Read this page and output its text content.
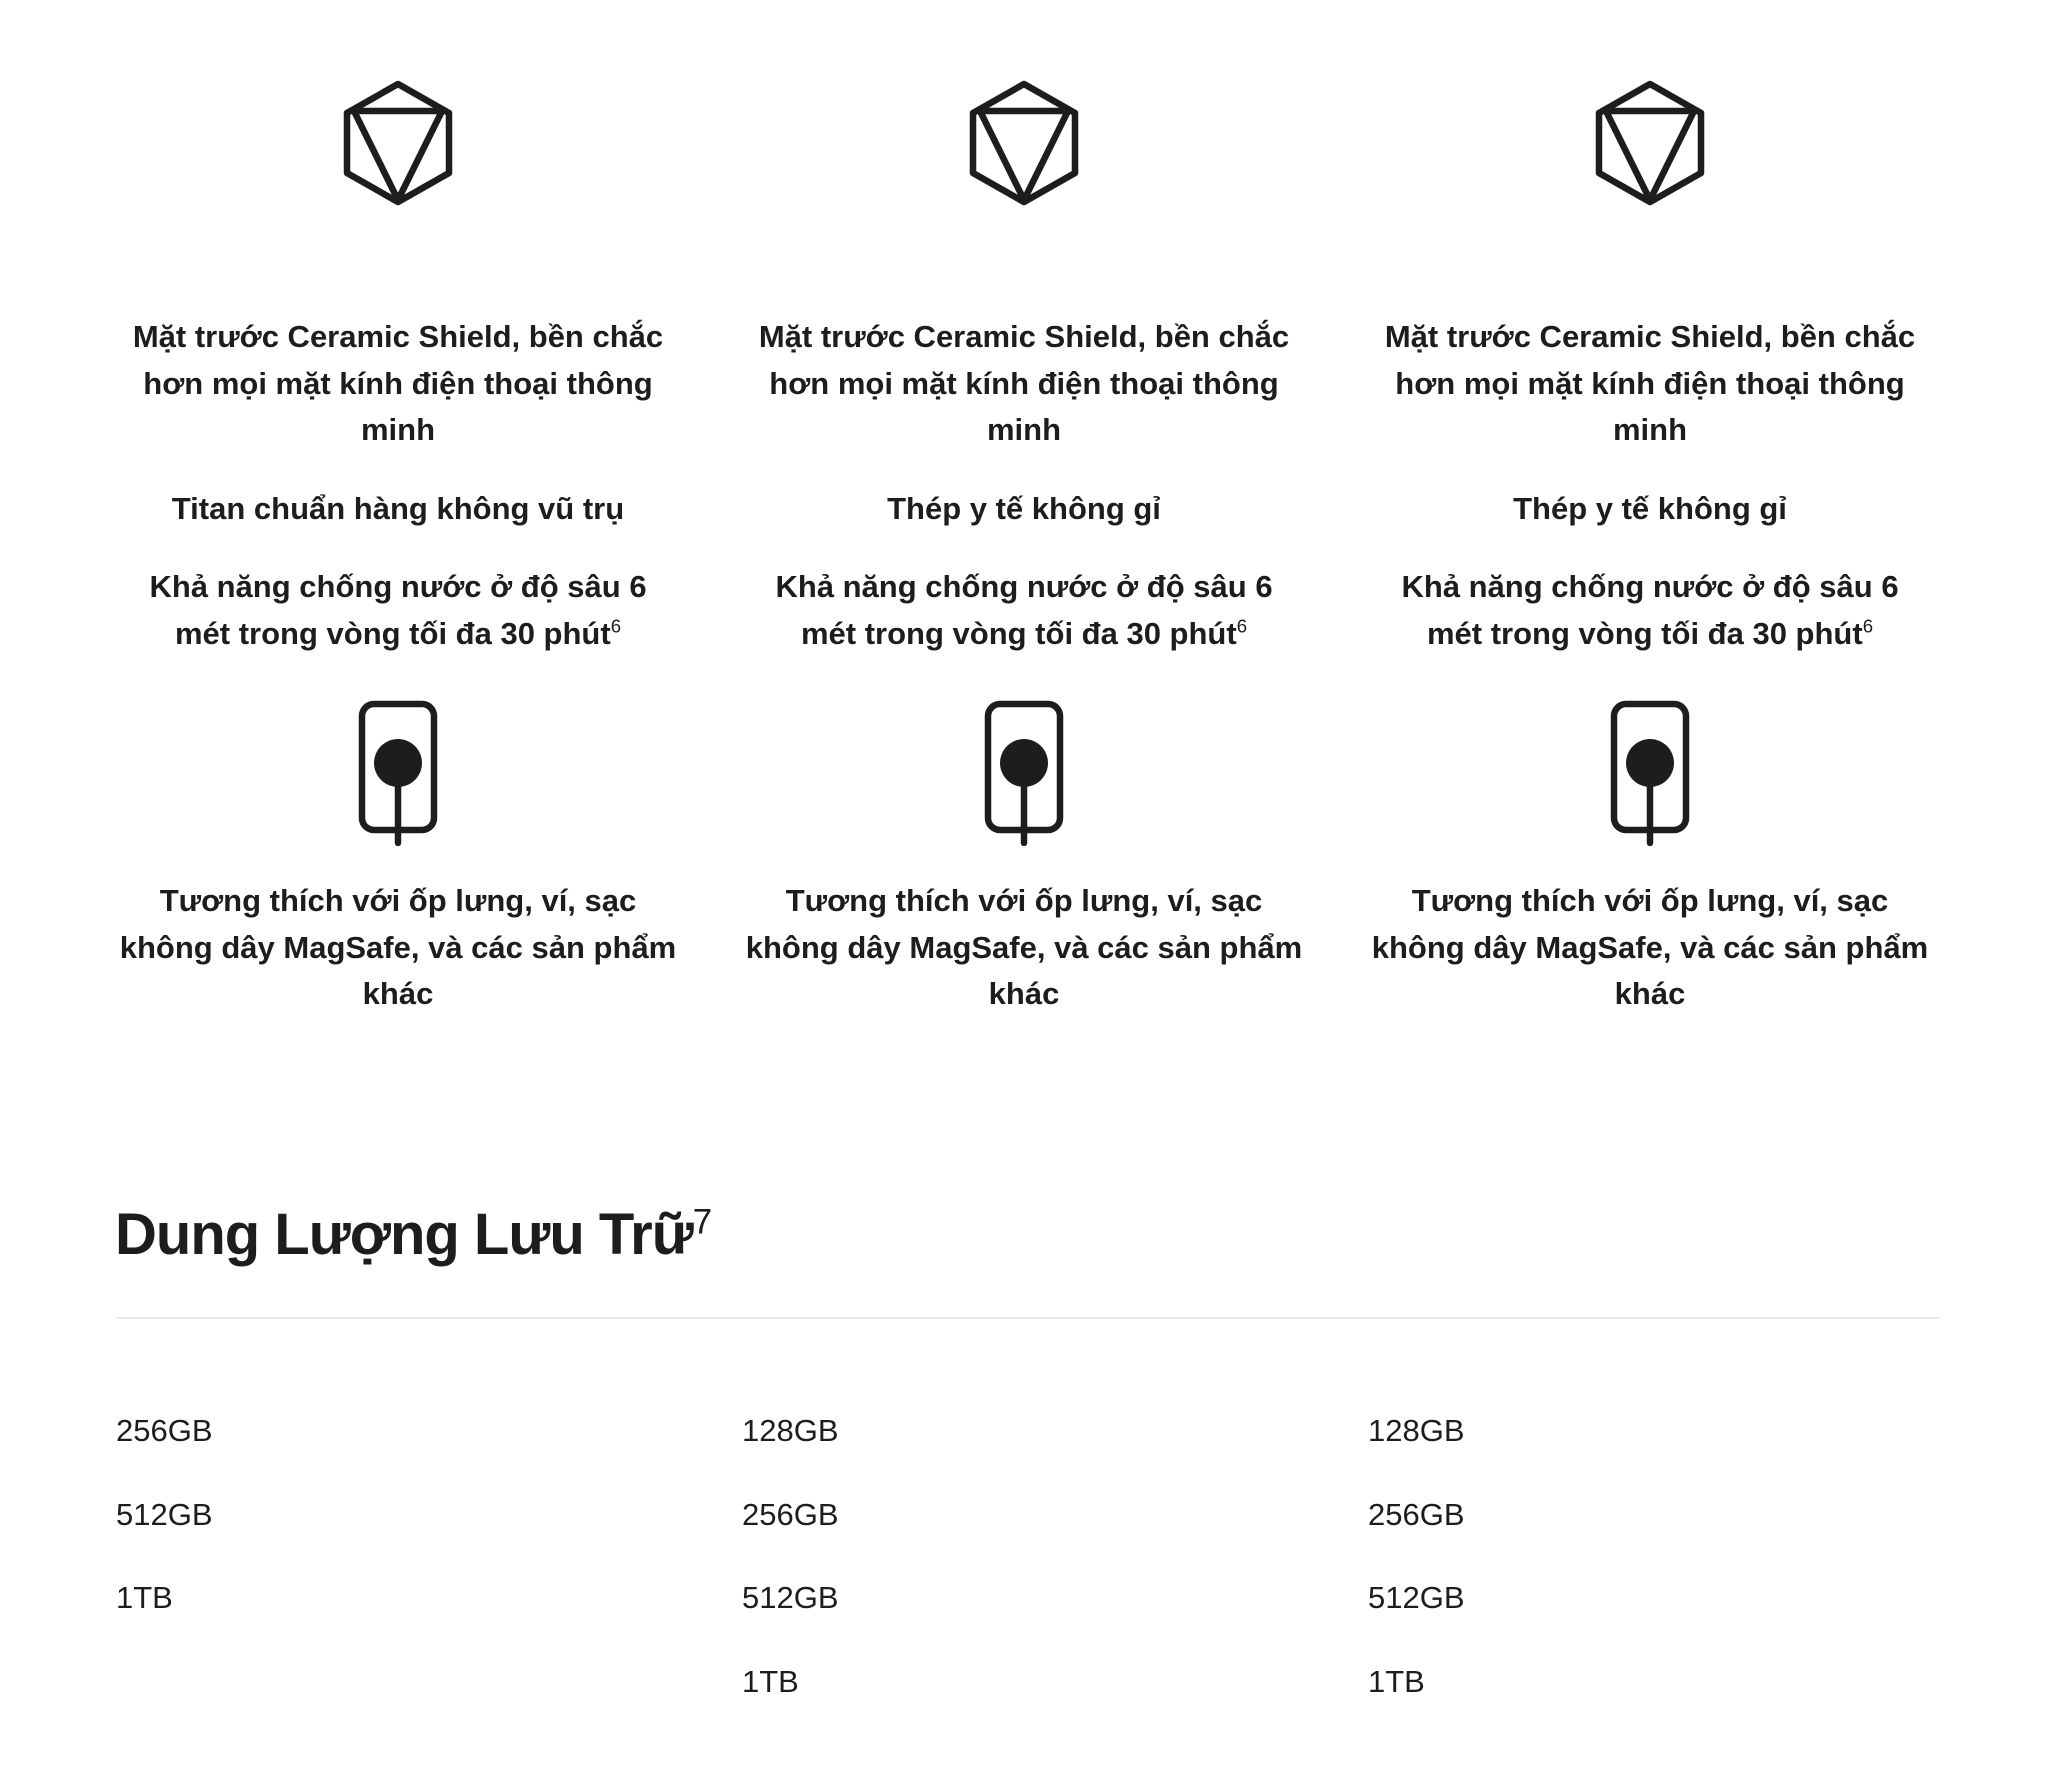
Mặt trước Ceramic Shield, bền chắc hơn mọi mặt kính điện thoại thông minh

Titan chuẩn hàng không vũ trụ

Khả năng chống nước ở độ sâu 6 mét trong vòng tối đa 30 phút$^6$

Mặt trước Ceramic Shield, bền chắc hơn mọi mặt kính điện thoại thông minh

Thép y tế không gỉ

Khả năng chống nước ở độ sâu 6 mét trong vòng tối đa 30 phút$^6$

Mặt trước Ceramic Shield, bền chắc hơn mọi mặt kính điện thoại thông minh

Thép y tế không gỉ

Khả năng chống nước ở độ sâu 6 mét trong vòng tối đa 30 phút$^6$

Tương thích với ốp lưng, ví, sạc không dây MagSafe, và các sản phẩm khác

Tương thích với ốp lưng, ví, sạc không dây MagSafe, và các sản phẩm khác

Tương thích với ốp lưng, ví, sạc không dây MagSafe, và các sản phẩm khác

Dung Lượng Lưu Trữ$^7$
256GB
512GB
1TB
128GB
256GB
512GB
1TB
128GB
256GB
512GB
1TB
